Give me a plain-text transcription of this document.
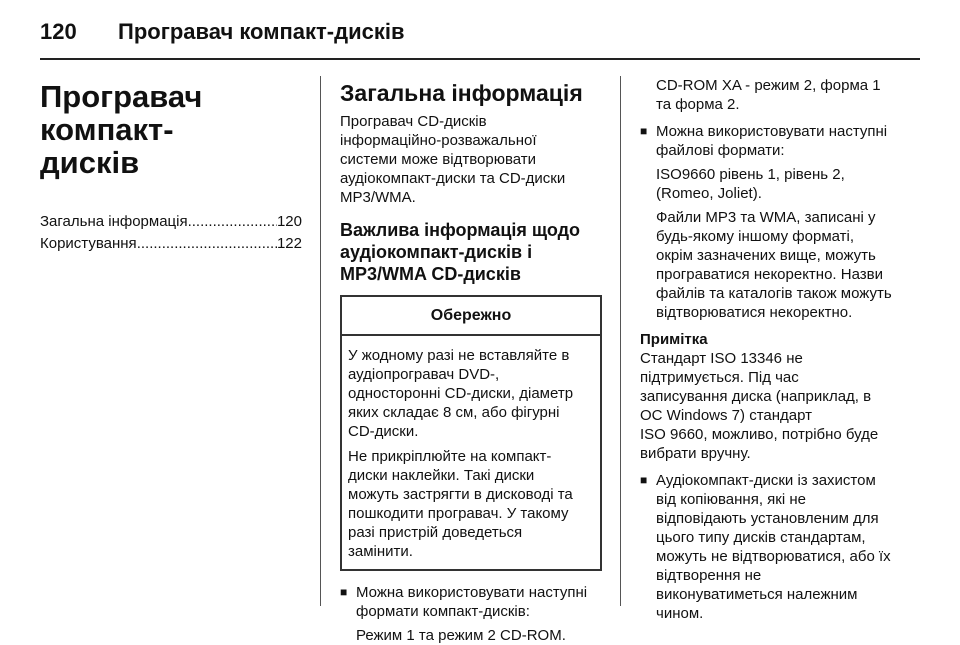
120	Програвач компакт-дисків
Програвач компакт-
дисків
Загальна інформація .....	120
Користування .....	122
Загальна інформація

Програвач CD-дисків
інформаційно-розважальної
системи може відтворювати
аудіокомпакт-диски та CD-диски
MP3/WMA.

Важлива інформація щодо
аудіокомпакт-дисків і
MP3/WMA CD-дисків
Обережно

У жодному разі не вставляйте в
аудіопрогравач DVD-,
односторонні CD-диски, діаметр
яких складає 8 см, або фігурні
CD-диски.

Не прикріплюйте на компакт-
диски наклейки. Такі диски
можуть застрягти в дисководі та
пошкодити програвач. У такому
разі пристрій доведеться
замінити.

■ Можна використовувати наступні
формати компакт-дисків:

Режим 1 та режим 2 CD-ROM.

CD-ROM XA - режим 2, форма 1
та форма 2.

■ Можна використовувати наступні
файлові формати:

ISO9660 рівень 1, рівень 2,
(Romeo, Joliet).

Файли MP3 та WMA, записані у
будь-якому іншому форматі,
окрім зазначених вище, можуть
програватися некоректно. Назви
файлів та каталогів також можуть
відтворюватися некоректно.

Примітка

Стандарт ISO 13346 не
підтримується. Під час
записування диска (наприклад, в
ОС Windows 7) стандарт
ISO 9660, можливо, потрібно буде
вибрати вручну.

■ Аудіокомпакт-диски із захистом
від копіювання, які не
відповідають установленим для
цього типу дисків стандартам,
можуть не відтворюватися, або їх
відтворення не
виконуватиметься належним
чином.
